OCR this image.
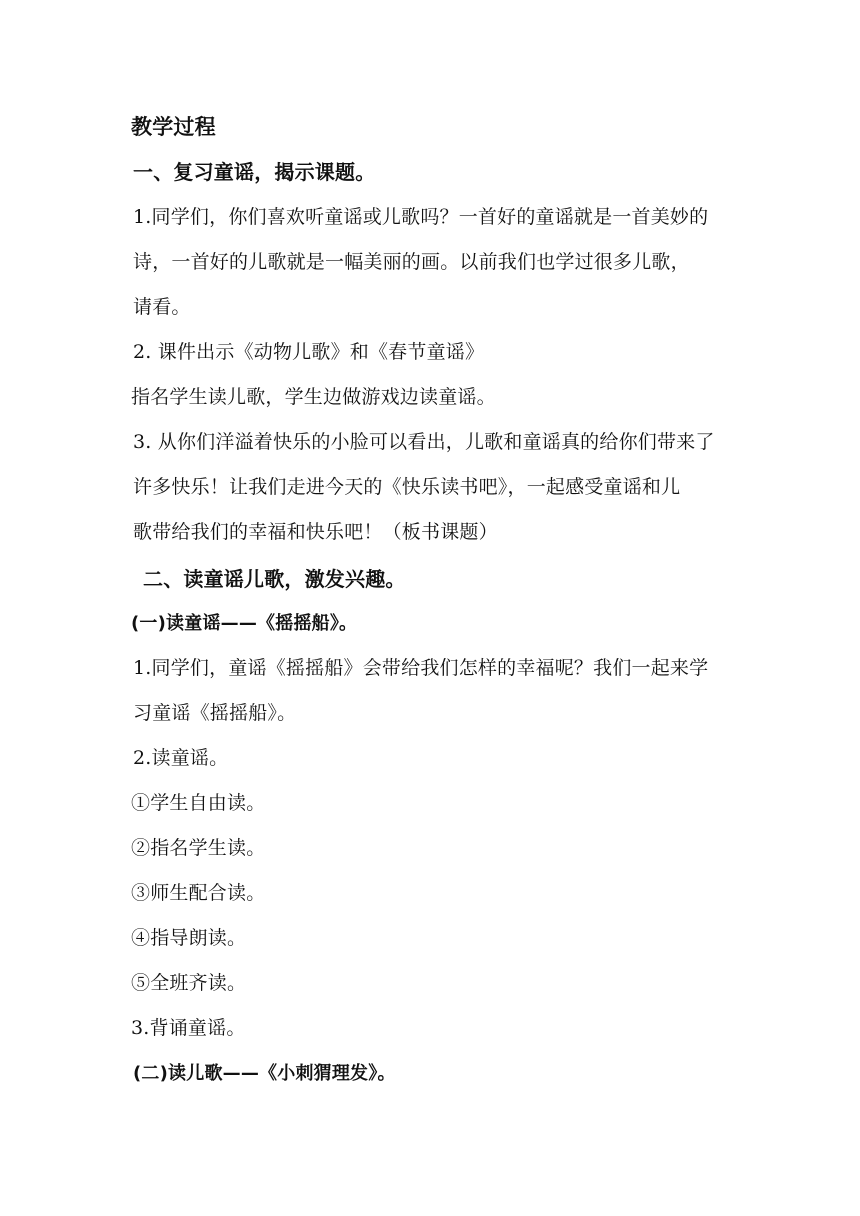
教学过程
一、复习童谣，揭示课题。
1.同学们，你们喜欢听童谣或儿歌吗？一首好的童谣就是一首美妙的
诗，一首好的儿歌就是一幅美丽的画。以前我们也学过很多儿歌，
请看。
2. 课件出示《动物儿歌》和《春节童谣》
指名学生读儿歌，学生边做游戏边读童谣。
3. 从你们洋溢着快乐的小脸可以看出，儿歌和童谣真的给你们带来了
许多快乐！让我们走进今天的《快乐读书吧》，一起感受童谣和儿
歌带给我们的幸福和快乐吧！（板书课题）
二、读童谣儿歌，激发兴趣。
(一)读童谣——《摇摇船》。
1.同学们，童谣《摇摇船》会带给我们怎样的幸福呢？我们一起来学
习童谣《摇摇船》。
2.读童谣。
①学生自由读。
②指名学生读。
③师生配合读。
④指导朗读。
⑤全班齐读。
3.背诵童谣。
(二)读儿歌——《小刺猬理发》。
